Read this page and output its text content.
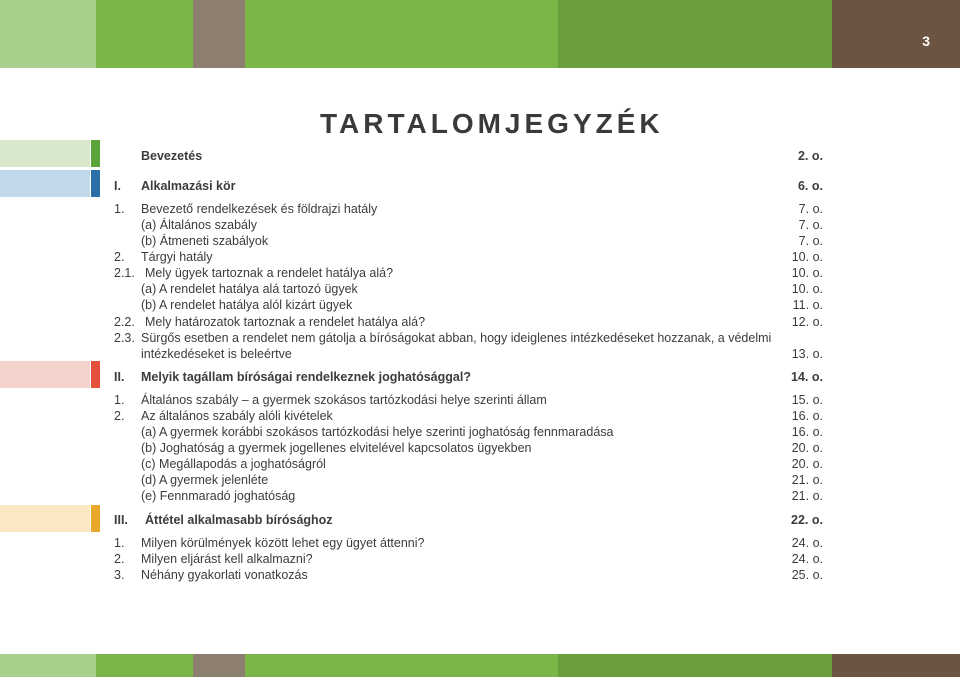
3
TARTALOMJEGYZÉK
Bevezetés	2. o.
I. Alkalmazási kör	6. o.
1. Bevezető rendelkezések és földrajzi hatály	7. o.
(a) Általános szabály	7. o.
(b) Átmeneti szabályok	7. o.
2. Tárgyi hatály	10. o.
2.1. Mely ügyek tartoznak a rendelet hatálya alá?	10. o.
(a) A rendelet hatálya alá tartozó ügyek	10. o.
(b) A rendelet hatálya alól kizárt ügyek	11. o.
2.2. Mely határozatok tartoznak a rendelet hatálya alá?	12. o.
2.3. Sürgős esetben a rendelet nem gátolja a bíróságokat abban, hogy ideiglenes intézkedéseket hozzanak, a védelmi
intézkedéseket is beleértve	13. o.
II. Melyik tagállam bíróságai rendelkeznek joghatósággal?	14. o.
1. Általános szabály – a gyermek szokásos tartózkodási helye szerinti állam	15. o.
2. Az általános szabály alóli kivételek	16. o.
(a) A gyermek korábbi szokásos tartózkodási helye szerinti joghatóság fennmaradása	16. o.
(b) Joghatóság a gyermek jogellenes elvitelével kapcsolatos ügyekben	20. o.
(c) Megállapodás a joghatóságról	20. o.
(d) A gyermek jelenléte	21. o.
(e) Fennmaradó joghatóság	21. o.
III. Áttétel alkalmasabb bírósághoz	22. o.
1. Milyen körülmények között lehet egy ügyet áttenni?	24. o.
2. Milyen eljárást kell alkalmazni?	24. o.
3. Néhány gyakorlati vonatkozás	25. o.
